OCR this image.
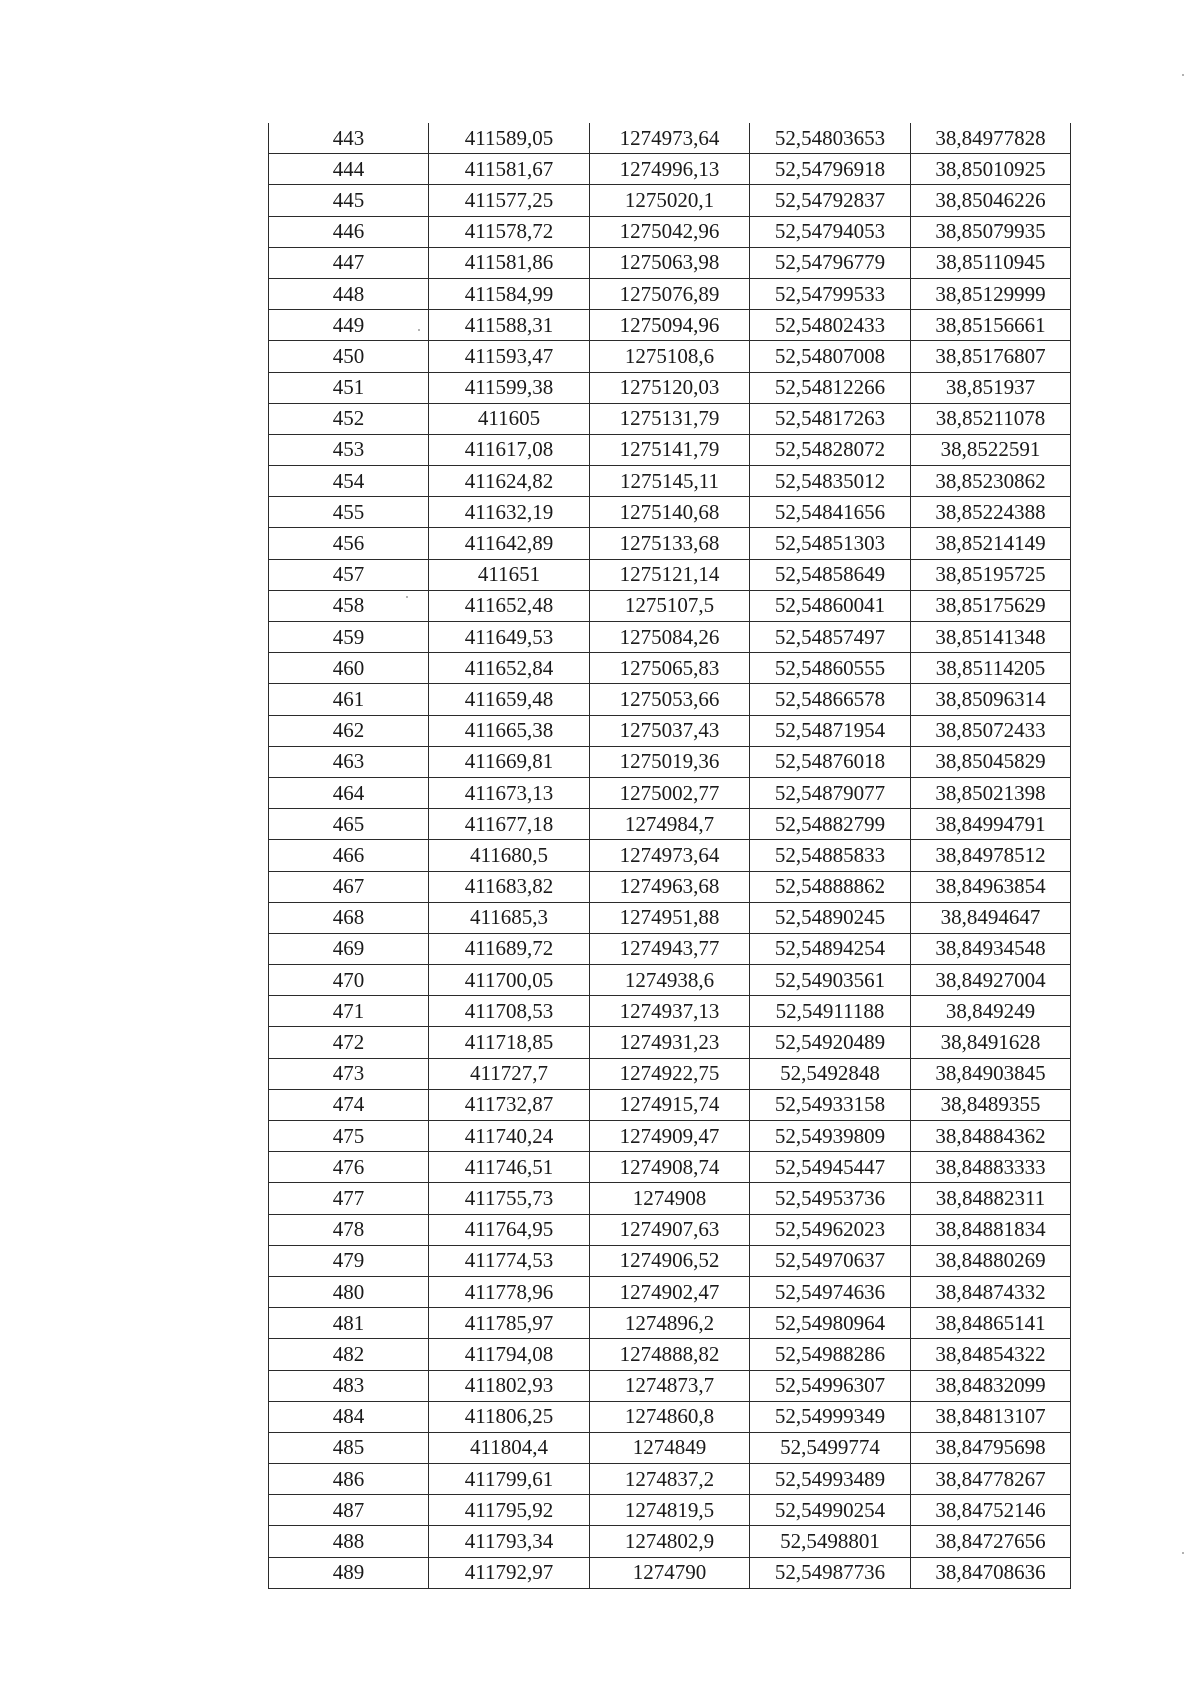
443	411589,05	1274973,64	52,54803653	38,84977828
444	411581,67	1274996,13	52,54796918	38,85010925
445	411577,25	1275020,1	52,54792837	38,85046226
446	411578,72	1275042,96	52,54794053	38,85079935
447	411581,86	1275063,98	52,54796779	38,85110945
448	411584,99	1275076,89	52,54799533	38,85129999
449	411588,31	1275094,96	52,54802433	38,85156661
450	411593,47	1275108,6	52,54807008	38,85176807
451	411599,38	1275120,03	52,54812266	38,851937
452	411605	1275131,79	52,54817263	38,85211078
453	411617,08	1275141,79	52,54828072	38,8522591
454	411624,82	1275145,11	52,54835012	38,85230862
455	411632,19	1275140,68	52,54841656	38,85224388
456	411642,89	1275133,68	52,54851303	38,85214149
457	411651	1275121,14	52,54858649	38,85195725
458	411652,48	1275107,5	52,54860041	38,85175629
459	411649,53	1275084,26	52,54857497	38,85141348
460	411652,84	1275065,83	52,54860555	38,85114205
461	411659,48	1275053,66	52,54866578	38,85096314
462	411665,38	1275037,43	52,54871954	38,85072433
463	411669,81	1275019,36	52,54876018	38,85045829
464	411673,13	1275002,77	52,54879077	38,85021398
465	411677,18	1274984,7	52,54882799	38,84994791
466	411680,5	1274973,64	52,54885833	38,84978512
467	411683,82	1274963,68	52,54888862	38,84963854
468	411685,3	1274951,88	52,54890245	38,8494647
469	411689,72	1274943,77	52,54894254	38,84934548
470	411700,05	1274938,6	52,54903561	38,84927004
471	411708,53	1274937,13	52,54911188	38,849249
472	411718,85	1274931,23	52,54920489	38,8491628
473	411727,7	1274922,75	52,5492848	38,84903845
474	411732,87	1274915,74	52,54933158	38,8489355
475	411740,24	1274909,47	52,54939809	38,84884362
476	411746,51	1274908,74	52,54945447	38,84883333
477	411755,73	1274908	52,54953736	38,84882311
478	411764,95	1274907,63	52,54962023	38,84881834
479	411774,53	1274906,52	52,54970637	38,84880269
480	411778,96	1274902,47	52,54974636	38,84874332
481	411785,97	1274896,2	52,54980964	38,84865141
482	411794,08	1274888,82	52,54988286	38,84854322
483	411802,93	1274873,7	52,54996307	38,84832099
484	411806,25	1274860,8	52,54999349	38,84813107
485	411804,4	1274849	52,5499774	38,84795698
486	411799,61	1274837,2	52,54993489	38,84778267
487	411795,92	1274819,5	52,54990254	38,84752146
488	411793,34	1274802,9	52,5498801	38,84727656
489	411792,97	1274790	52,54987736	38,84708636
